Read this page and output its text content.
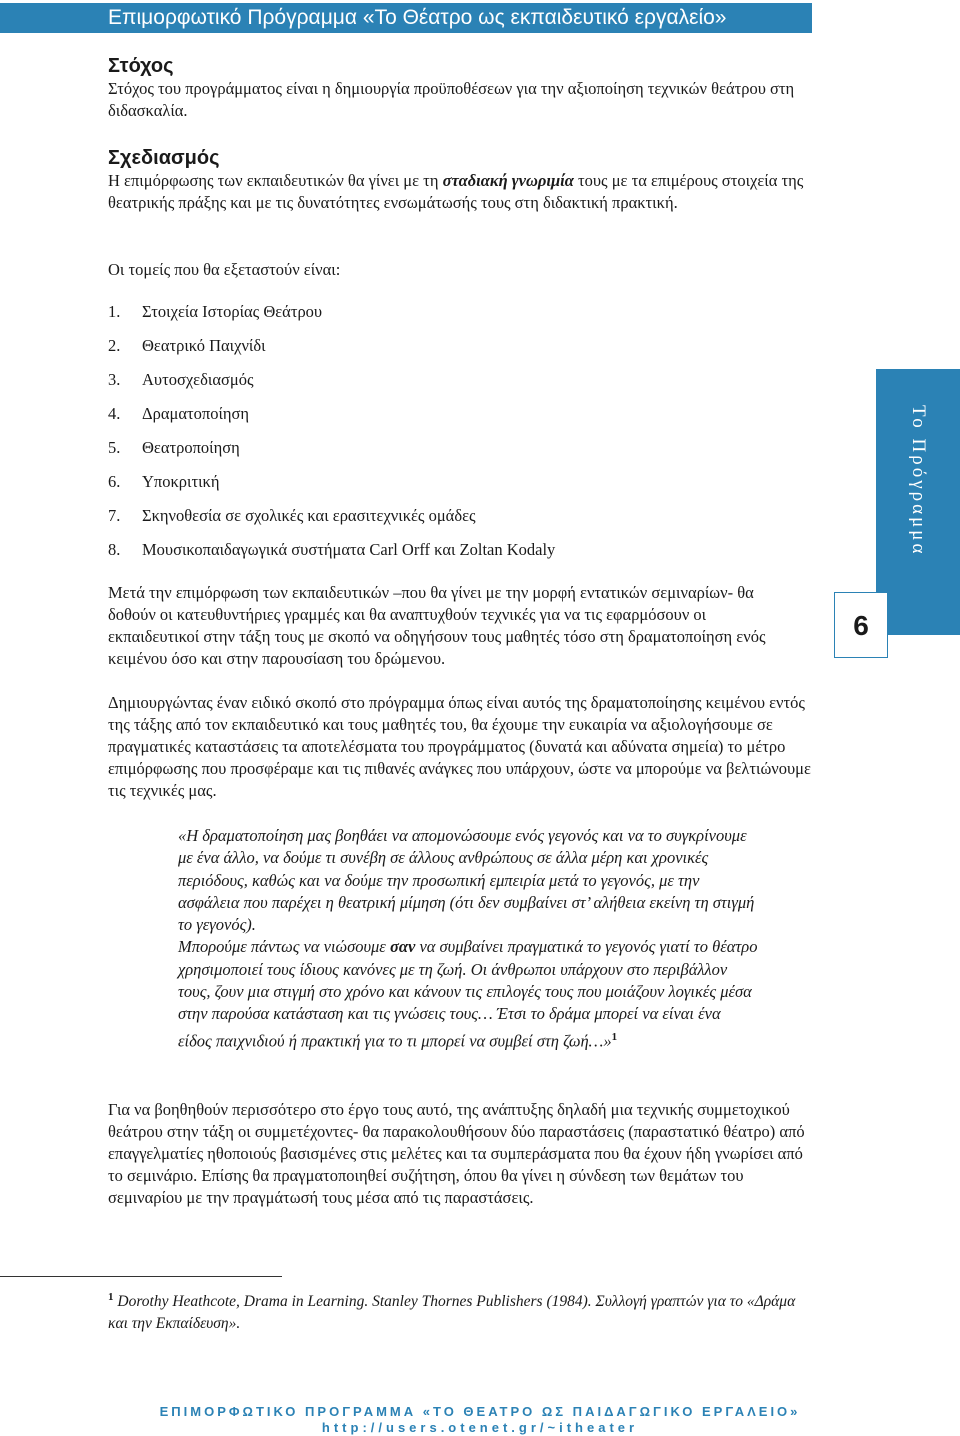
Επιμορφωτικό Πρόγραμμα «Το Θέατρο ως εκπαιδευτικό εργαλείο»
Στόχος

Στόχος του προγράμματος είναι η δημιουργία προϋποθέσεων για την αξιοποίηση τεχνικών θεάτρου στη διδασκαλία.

Σχεδιασμός

Η επιμόρφωσης των εκπαιδευτικών θα γίνει με τη σταδιακή γνωριμία τους με τα επιμέρους στοιχεία της θεατρικής πράξης και με τις δυνατότητες ενσωμάτωσής τους στη διδακτική πρακτική.

Οι τομείς που θα εξεταστούν είναι:

1. Στοιχεία Ιστορίας Θεάτρου
2. Θεατρικό Παιχνίδι
3. Αυτοσχεδιασμός
4. Δραματοποίηση
5. Θεατροποίηση
6. Υποκριτική
7. Σκηνοθεσία σε σχολικές και ερασιτεχνικές ομάδες
8. Μουσικοπαιδαγωγικά συστήματα Carl Orff και Zoltan Kodaly

Μετά την επιμόρφωση των εκπαιδευτικών –που θα γίνει με την μορφή εντατικών σεμιναρίων- θα δοθούν οι κατευθυντήριες γραμμές και θα αναπτυχθούν τεχνικές για να τις εφαρμόσουν οι εκπαιδευτικοί στην τάξη τους με σκοπό να οδηγήσουν τους μαθητές τόσο στη δραματοποίηση ενός κειμένου όσο και στην παρουσίαση του δρώμενου.

Δημιουργώντας έναν ειδικό σκοπό στο πρόγραμμα όπως είναι αυτός της δραματοποίησης κειμένου εντός της τάξης από τον εκπαιδευτικό και τους μαθητές του, θα έχουμε την ευκαιρία να αξιολογήσουμε σε πραγματικές καταστάσεις τα αποτελέσματα του προγράμματος (δυνατά και αδύνατα σημεία) το μέτρο επιμόρφωσης που προσφέραμε και τις πιθανές ανάγκες που υπάρχουν, ώστε να μπορούμε να βελτιώνουμε τις τεχνικές μας.

«Η δραματοποίηση μας βοηθάει να απομονώσουμε ενός γεγονός και να το συγκρίνουμε με ένα άλλο, να δούμε τι συνέβη σε άλλους ανθρώπους σε άλλα μέρη και χρονικές περιόδους, καθώς και να δούμε την προσωπική εμπειρία μετά το γεγονός, με την ασφάλεια που παρέχει η θεατρική μίμηση (ότι δεν συμβαίνει στ’ αλήθεια εκείνη τη στιγμή το γεγονός).
Μπορούμε πάντως να νιώσουμε σαν να συμβαίνει πραγματικά το γεγονός γιατί το θέατρο χρησιμοποιεί τους ίδιους κανόνες με τη ζωή. Οι άνθρωποι υπάρχουν στο περιβάλλον τους, ζουν μια στιγμή στο χρόνο και κάνουν τις επιλογές τους που μοιάζουν λογικές μέσα στην παρούσα κατάσταση και τις γνώσεις τους… Έτσι το δράμα μπορεί να είναι ένα είδος παιχνιδιού ή πρακτική για το τι μπορεί να συμβεί στη ζωή…»$^1$

Για να βοηθηθούν περισσότερο στο έργο τους αυτό, της ανάπτυξης δηλαδή μια τεχνικής συμμετοχικού θεάτρου στην τάξη οι συμμετέχοντες- θα παρακολουθήσουν δύο παραστάσεις (παραστατικό θέατρο) από επαγγελματίες ηθοποιούς βασισμένες στις μελέτες και τα συμπεράσματα που θα έχουν ήδη γνωρίσει από το σεμινάριο. Επίσης θα πραγματοποιηθεί συζήτηση, όπου θα γίνει η σύνδεση των θεμάτων του σεμιναρίου με την πραγμάτωσή τους μέσα από τις παραστάσεις.

Το Πρόγραμμα
6
$^1$ Dorothy Heathcote, Drama in Learning. Stanley Thornes Publishers (1984). Συλλογή γραπτών για το «Δράμα και την Εκπαίδευση».
ΕΠΙΜΟΡΦΩΤΙΚΟ ΠΡΟΓΡΑΜΜΑ «ΤΟ ΘΕΑΤΡΟ ΩΣ ΠΑΙΔΑΓΩΓΙΚΟ ΕΡΓΑΛΕΙΟ»
http://users.otenet.gr/~itheater
